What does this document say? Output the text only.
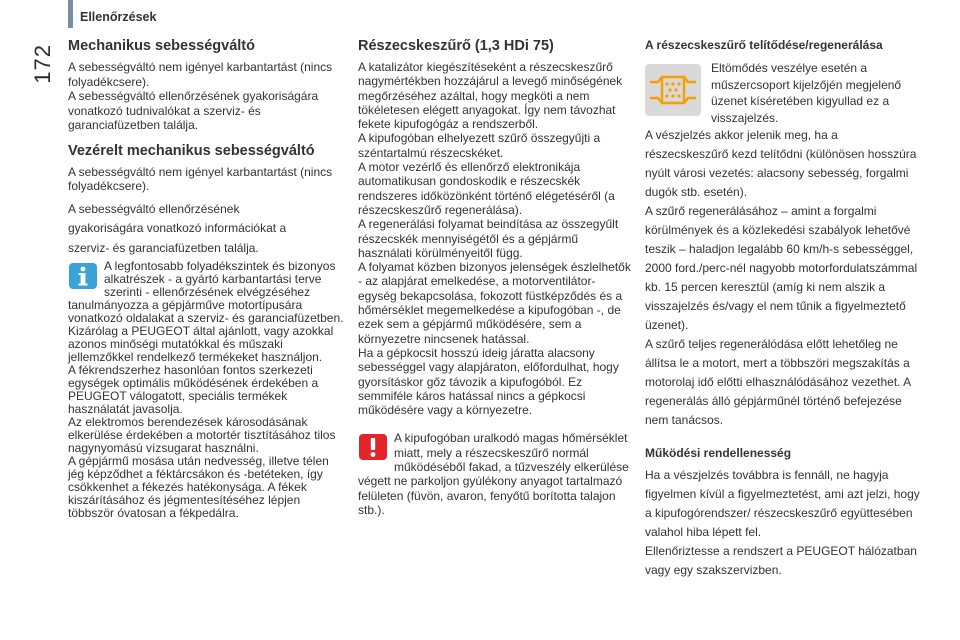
Ellenőrzések
172 Mechanikus sebességváltó

A sebességváltó nem igényel karbantartást (nincs folyadékcsere).

A sebességváltó ellenőrzésének gyakoriságára vonatkozó tudnivalókat a szerviz- és garanciafüzetben találja.

Vezérelt mechanikus sebességváltó

A sebességváltó nem igényel karbantartást (nincs folyadékcsere).

A sebességváltó ellenőrzésének

gyakoriságára vonatkozó információkat a

szerviz- és garanciafüzetben találja.

A legfontosabb folyadékszintek és bizonyos alkatrészek - a gyártó karbantartási terve szerinti - ellenőrzésének elvégzéséhez tanulmányozza a gépjárműve motortípusára vonatkozó oldalakat a szerviz- és garanciafüzetben.

Kizárólag a PEUGEOT által ajánlott, vagy azokkal azonos minőségi mutatókkal és műszaki jellemzőkkel rendelkező termékeket használjon.

A fékrendszerhez hasonlóan fontos szerkezeti egységek optimális működésének érdekében a PEUGEOT válogatott, speciális termékek használatát javasolja.

Az elektromos berendezések károsodásának elkerülése érdekében a motortér tisztításához tilos nagynyomású vízsugarat használni.

A gépjármű mosása után nedvesség, illetve télen jég képződhet a féktárcsákon és -betéteken, így csökkenhet a fékezés hatékonysága. A fékek kiszárításához és jégmentesítéséhez lépjen többször óvatosan a fékpedálra.

Részecskeszűrő (1,3 HDi 75)

A katalizátor kiegészítéseként a részecskeszűrő nagymértékben hozzájárul a levegő minőségének megőrzéséhez azáltal, hogy megköti a nem tökéletesen elégett anyagokat. Így nem távozhat fekete kipufogógáz a rendszerből.

A kipufogóban elhelyezett szűrő összegyűjti a széntartalmú részecskéket.

A motor vezérlő és ellenőrző elektronikája automatikusan gondoskodik e részecskék rendszeres időközönként történő elégetéséről (a részecskeszűrő regenerálása).

A regenerálási folyamat beindítása az összegyűlt részecskék mennyiségétől és a gépjármű használati körülményeitől függ.

A folyamat közben bizonyos jelenségek észlelhetők - az alapjárat emelkedése, a motorventilátor-egység bekapcsolása, fokozott füstképződés és a hőmérséklet megemelkedése a kipufogóban -, de ezek sem a gépjármű működésére, sem a környezetre nincsenek hatással.

Ha a gépkocsit hosszú ideig járatta alacsony sebességgel vagy alapjáraton, előfordulhat, hogy gyorsításkor gőz távozik a kipufogóból. Ez semmiféle káros hatással nincs a gépkocsi működésére vagy a környezetre.

A kipufogóban uralkodó magas hőmérséklet miatt, mely a részecskeszűrő normál működéséből fakad, a tűzveszély elkerülése végett ne parkoljon gyúlékony anyagot tartalmazó felületen (füvön, avaron, fenyőtű borította talajon stb.).

A részecskeszűrő telítődése/regenerálása

Eltömődés veszélye esetén a műszercsoport kijelzőjén megjelenő üzenet kíséretében kigyullad ez a visszajelzés.

A vészjelzés akkor jelenik meg, ha a részecskeszűrő kezd telítődni (különösen hosszúra nyúlt városi vezetés: alacsony sebesség, forgalmi dugók stb. esetén).

A szűrő regenerálásához – amint a forgalmi körülmények és a közlekedési szabályok lehetővé teszik – haladjon legalább 60 km/h-s sebességgel, 2000 ford./perc-nél nagyobb motorfordulatszámmal

kb. 15 percen keresztül (amíg ki nem alszik a visszajelzés és/vagy el nem tűnik a figyelmeztető üzenet).

A szűrő teljes regenerálódása előtt lehetőleg ne állítsa le a motort, mert a többszöri megszakítás a motorolaj idő előtti elhasználódásához vezethet. A regenerálás álló gépjárműnél történő befejezése nem tanácsos.

Működési rendellenesség

Ha a vészjelzés továbbra is fennáll, ne hagyja figyelmen kívül a figyelmeztetést, ami azt jelzi, hogy a kipufogórendszer/ részecskeszűrő együttesében valahol hiba lépett fel.

Ellenőriztesse a rendszert a PEUGEOT hálózatban vagy egy szakszervizben.
